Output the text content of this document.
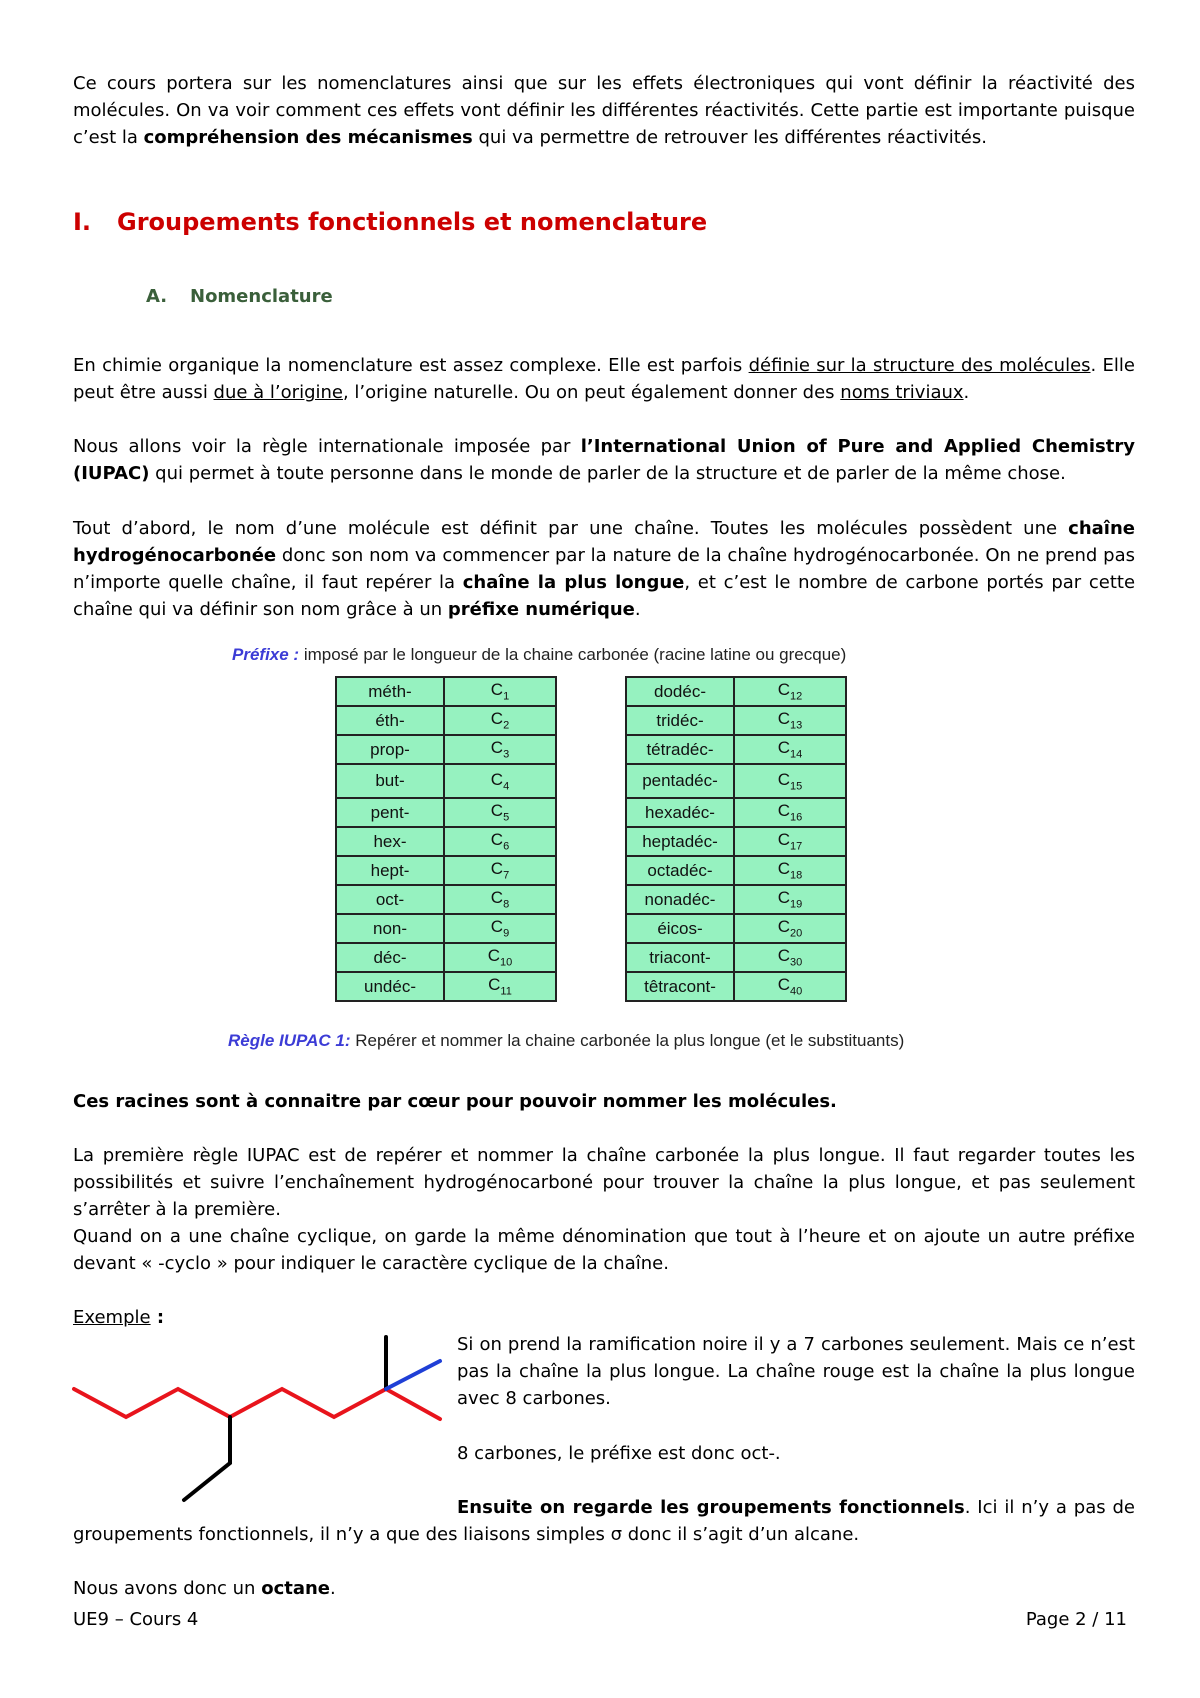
Ce cours portera sur les nomenclatures ainsi que sur les effets électroniques qui vont définir la réactivité des molécules. On va voir comment ces effets vont définir les différentes réactivités. Cette partie est importante puisque c’est la compréhension des mécanismes qui va permettre de retrouver les différentes réactivités.

I. Groupements fonctionnels et nomenclature
A. Nomenclature

En chimie organique la nomenclature est assez complexe. Elle est parfois définie sur la structure des molécules. Elle peut être aussi due à l’origine, l’origine naturelle. Ou on peut également donner des noms triviaux.

Nous allons voir la règle internationale imposée par l’International Union of Pure and Applied Chemistry (IUPAC) qui permet à toute personne dans le monde de parler de la structure et de parler de la même chose.

Tout d’abord, le nom d’une molécule est définit par une chaîne. Toutes les molécules possèdent une chaîne hydrogénocarbonée donc son nom va commencer par la nature de la chaîne hydrogénocarbonée. On ne prend pas n’importe quelle chaîne, il faut repérer la chaîne la plus longue, et c’est le nombre de carbone portés par cette chaîne qui va définir son nom grâce à un préfixe numérique.

Préfixe : imposé par le longueur de la chaine carbonée (racine latine ou grecque)
méth-	$C_1$
éth-	$C_2$
prop-	$C_3$
but-	$C_4$
pent-	$C_5$
hex-	$C_6$
hept-	$C_7$
oct-	$C_8$
non-	$C_9$
déc-	$C_{10}$
undéc-	$C_{11}$
dodéc-	$C_{12}$
tridéc-	$C_{13}$
tétradéc-	$C_{14}$
pentadéc-	$C_{15}$
hexadéc-	$C_{16}$
heptadéc-	$C_{17}$
octadéc-	$C_{18}$
nonadéc-	$C_{19}$
éicos-	$C_{20}$
triacont-	$C_{30}$
têtracont-	$C_{40}$
Règle IUPAC 1: Repérer et nommer la chaine carbonée la plus longue (et le substituants)

Ces racines sont à connaitre par cœur pour pouvoir nommer les molécules.

La première règle IUPAC est de repérer et nommer la chaîne carbonée la plus longue. Il faut regarder toutes les possibilités et suivre l’enchaînement hydrogénocarboné pour trouver la chaîne la plus longue, et pas seulement s’arrêter à la première.

Quand on a une chaîne cyclique, on garde la même dénomination que tout à l’heure et on ajoute un autre préfixe devant « -cyclo » pour indiquer le caractère cyclique de la chaîne.

Exemple :

Si on prend la ramification noire il y a 7 carbones seulement. Mais ce n’est pas la chaîne la plus longue. La chaîne rouge est la chaîne la plus longue avec 8 carbones.

8 carbones, le préfixe est donc oct-.

Ensuite on regarde les groupements fonctionnels. Ici il n’y a pas de groupements fonctionnels, il n’y a que des liaisons simples σ donc il s’agit d’un alcane.

Nous avons donc un octane.

UE9 – Cours 4	Page 2 / 11
